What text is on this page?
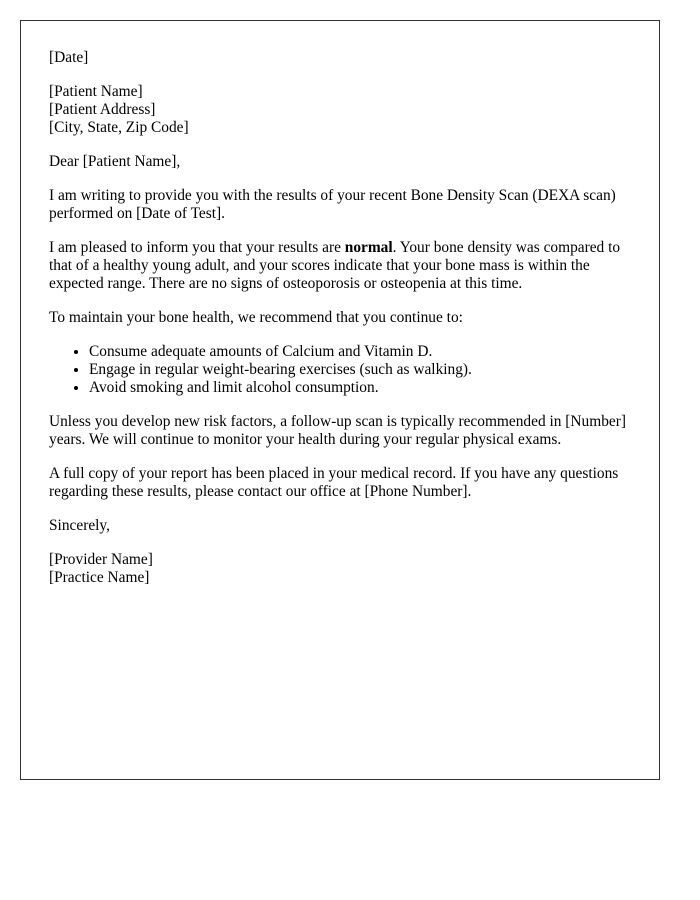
[Date]
[Patient Name]
[Patient Address]
[City, State, Zip Code]

Dear [Patient Name],

I am writing to provide you with the results of your recent Bone Density Scan (DEXA scan) performed on [Date of Test].

I am pleased to inform you that your results are normal. Your bone density was compared to that of a healthy young adult, and your scores indicate that your bone mass is within the expected range. There are no signs of osteoporosis or osteopenia at this time.

To maintain your bone health, we recommend that you continue to:

• Consume adequate amounts of Calcium and Vitamin D.
• Engage in regular weight-bearing exercises (such as walking).
• Avoid smoking and limit alcohol consumption.

Unless you develop new risk factors, a follow-up scan is typically recommended in [Number] years. We will continue to monitor your health during your regular physical exams.

A full copy of your report has been placed in your medical record. If you have any questions regarding these results, please contact our office at [Phone Number].

Sincerely,

[Provider Name]
[Practice Name]
